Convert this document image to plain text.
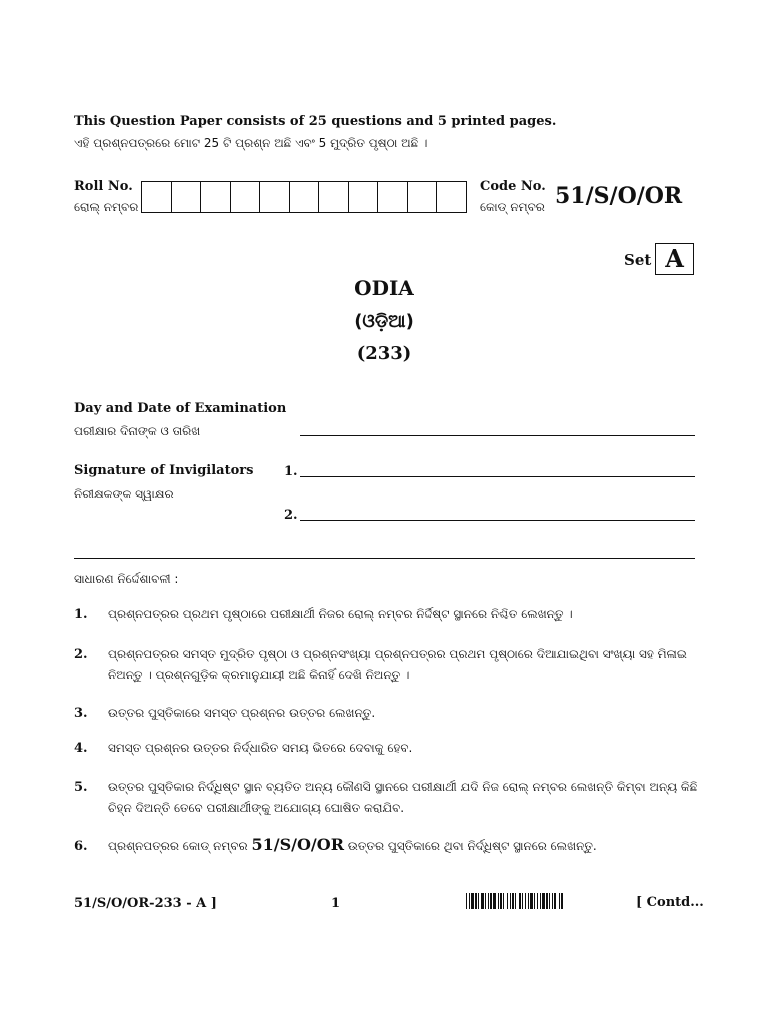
This Question Paper consists of 25 questions and 5 printed pages.
ଏହି ପ୍ରଶ୍ନପତ୍ରରେ ମୋଟ 25 ଟି ପ୍ରଶ୍ନ ଅଛି ଏବଂ 5 ମୁଦ୍ରିତ ପୃଷ୍ଠା ଅଛି ।
Roll No.
ରୋଲ୍ ନମ୍ବର
Code No.
କୋଡ୍ ନମ୍ବର 51/S/O/OR
Set A
ODIA
(ଓଡ଼ିଆ)
(233)
Day and Date of Examination
ପରୀକ୍ଷାର ଦିନାଙ୍କ ଓ ତାରିଖ
Signature of Invigilators
ନିରୀକ୍ଷକଙ୍କ ସ୍ୱାକ୍ଷର
1.
2.
ସାଧାରଣ ନିର୍ଦ୍ଦେଶାବଳୀ :
1. ପ୍ରଶ୍ନପତ୍ରର ପ୍ରଥମ ପୃଷ୍ଠାରେ ପରୀକ୍ଷାର୍ଥୀ ନିଜର ରୋଲ୍ ନମ୍ବର ନିର୍ଦ୍ଦିଷ୍ଟ ସ୍ଥାନରେ ନିଶ୍ଚିତ ଲେଖନ୍ତୁ ।
2. ପ୍ରଶ୍ନପତ୍ରର ସମସ୍ତ ମୁଦ୍ରିତ ପୃଷ୍ଠା ଓ ପ୍ରଶ୍ନସଂଖ୍ୟା ପ୍ରଶ୍ନପତ୍ରର ପ୍ରଥମ ପୃଷ୍ଠାରେ ଦିଆଯାଇଥିବା ସଂଖ୍ୟା ସହ ମିଳାଇ ନିଅନ୍ତୁ । ପ୍ରଶ୍ନଗୁଡ଼ିକ କ୍ରମାନୁଯାୟୀ ଅଛି କିନାହିଁ ଦେଖି ନିଅନ୍ତୁ ।
3. ଉତ୍ତର ପୁସ୍ତିକାରେ ସମସ୍ତ ପ୍ରଶ୍ନର ଉତ୍ତର ଲେଖନ୍ତୁ.
4. ସମସ୍ତ ପ୍ରଶ୍ନର ଉତ୍ତର ନିର୍ଦ୍ଧାରିତ ସମୟ ଭିତରେ ଦେବାକୁ ହେବ.
5. ଉତ୍ତର ପୁସ୍ତିକାର ନିର୍ଦ୍ଧିଷ୍ଟ ସ୍ଥାନ ବ୍ୟତିତ ଅନ୍ୟ କୌଣସି ସ୍ଥାନରେ ପରୀକ୍ଷାର୍ଥୀ ଯଦି ନିଜ ରୋଲ୍ ନମ୍ବର ଲେଖନ୍ତି କିମ୍ବା ଅନ୍ୟ କିଛି ଚିହ୍ନ ଦିଅନ୍ତି ତେବେ ପରୀକ୍ଷାର୍ଥୀଙ୍କୁ ଅଯୋଗ୍ୟ ଘୋଷିତ କରାଯିବ.
6. ପ୍ରଶ୍ନପତ୍ରର କୋଡ୍ ନମ୍ବର 51/S/O/OR ଉତ୍ତର ପୁସ୍ତିକାରେ ଥିବା ନିର୍ଦ୍ଧିଷ୍ଟ ସ୍ଥାନରେ ଲେଖନ୍ତୁ.
51/S/O/OR-233 - A ]	1	[ Contd...
